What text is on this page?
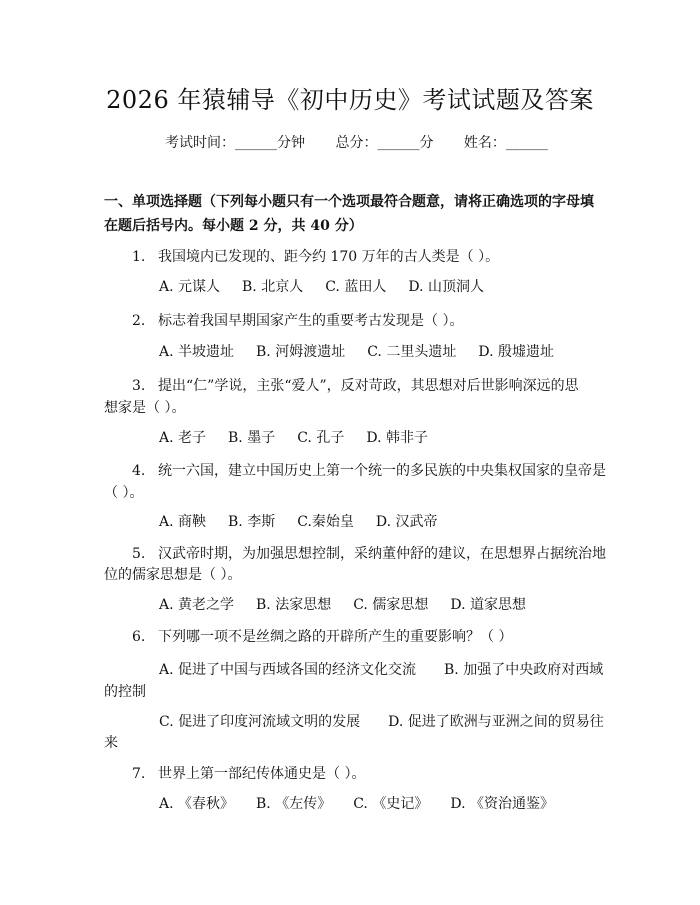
2026 年猿辅导《初中历史》考试试题及答案
考试时间：______分钟 总分：______分 姓名：______
一、单项选择题（下列每小题只有一个选项最符合题意，请将正确选项的字母填在题后括号内。每小题 2 分，共 40 分）
1. 我国境内已发现的、距今约 170 万年的古人类是（ ）。
A. 元谋人 B. 北京人 C. 蓝田人 D. 山顶洞人
2. 标志着我国早期国家产生的重要考古发现是（ ）。
A. 半坡遗址 B. 河姆渡遗址 C. 二里头遗址 D. 殷墟遗址
3. 提出“仁”学说，主张“爱人”，反对苛政，其思想对后世影响深远的思
想家是（ ）。
A. 老子 B. 墨子 C. 孔子 D. 韩非子
4. 统一六国，建立中国历史上第一个统一的多民族的中央集权国家的皇帝是
（ ）。
A. 商鞅 B. 李斯 C.秦始皇 D. 汉武帝
5. 汉武帝时期，为加强思想控制，采纳董仲舒的建议，在思想界占据统治地
位的儒家思想是（ ）。
A. 黄老之学 B. 法家思想 C. 儒家思想 D. 道家思想
6. 下列哪一项不是丝绸之路的开辟所产生的重要影响？（ ）
A. 促进了中国与西域各国的经济文化交流　　B. 加强了中央政府对西域
的控制
C. 促进了印度河流域文明的发展　　D. 促进了欧洲与亚洲之间的贸易往
来
7. 世界上第一部纪传体通史是（ ）。
A. 《春秋》 B. 《左传》 C. 《史记》 D. 《资治通鉴》
